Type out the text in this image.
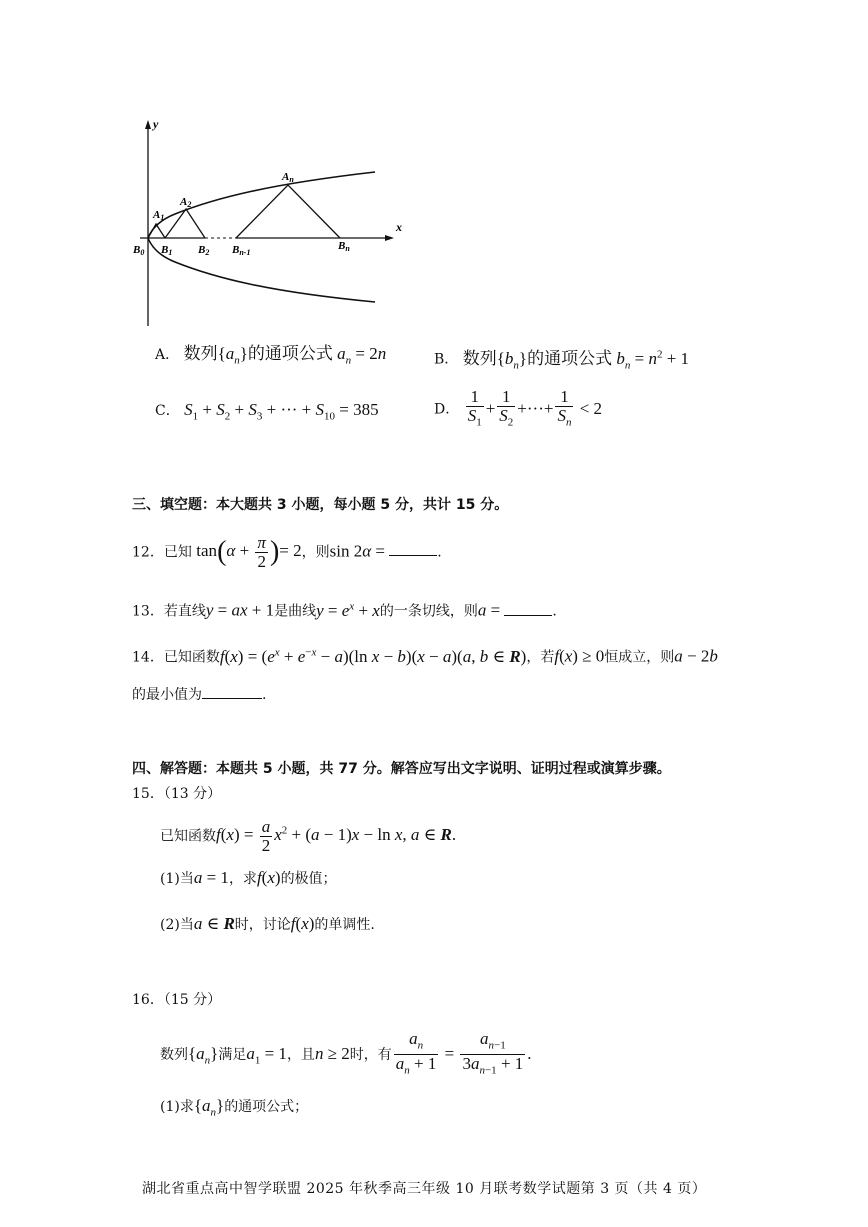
y
x
A1
A2
An
B0 B1 B2 Bn-1
Bn
A． 数列$\{a_n\}$的通项公式 $a_n = 2n$	B． 数列$\{b_n\}$的通项公式 $b_n = n^2 + 1$
C． $S_1 + S_2 + S_3$ + ··· + $S_{10} = 385$	D． $\frac{1}{S_1} + \frac{1}{S_2}$ +···+ $\frac{1}{S_n} < 2$
三、填空题：本大题共 3 小题，每小题 5 分，共计 15 分。
12．已知 $\tan(\alpha + \frac{\pi}{2}$ )= 2，则sin 2α =	.
13．若直线y = ax + 1是曲线$y = e^x + x$的一条切线，则a =	.
14．已知函数$f(x) = (e^x + e^{-x} - a)(\ln$ x − b)(x − a)(a, b ∈ R)，若f(x) ≥ 0恒成立，则a − 2b
的最小值为	.
四、解答题：本题共 5 小题，共 77 分。解答应写出文字说明、证明过程或演算步骤。
15．（13 分）
已知函数$f(x) = \frac{a}{2} x^2 + (a - 1)x - \ln x$, a ∈ R.
(1)当a = 1，求f(x)的极值；
(2)当a ∈ R时，讨论f(x)的单调性.
16．（15 分）
数列$\{a_n\}$满足$a_1 = 1$，且n ≥ 2时，有 $\frac{a_n}{a_n + 1} = \frac{a_{n-1}}{3a_{n-1} + 1}$ .
(1)求$\{a_n\}$的通项公式；
湖北省重点高中智学联盟 2025 年秋季高三年级 10 月联考数学试题第 3 页（共 4 页）
